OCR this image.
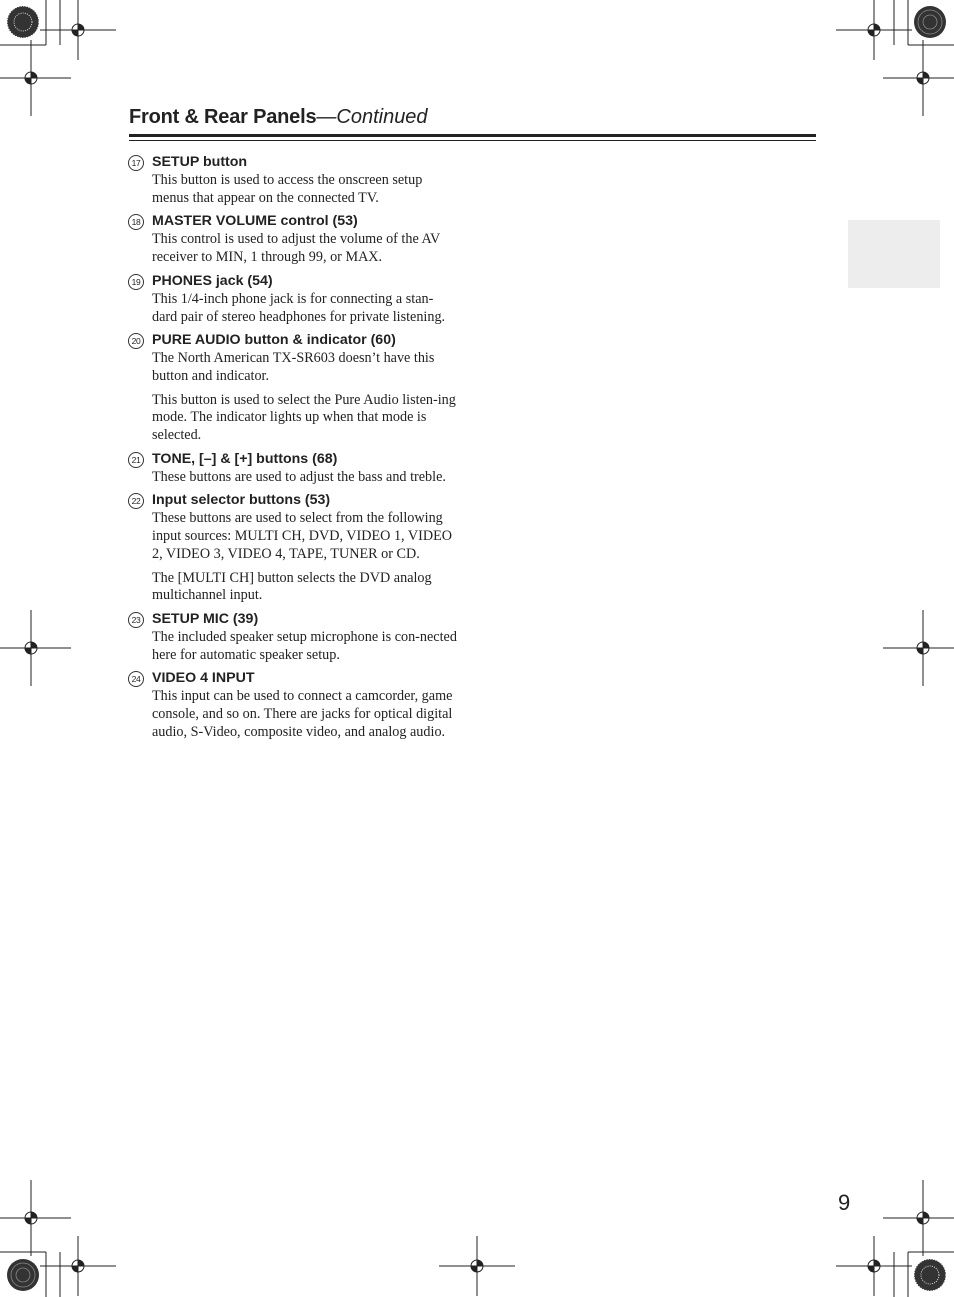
Front & Rear Panels—Continued
17 SETUP button

This button is used to access the onscreen setup menus that appear on the connected TV.

18 MASTER VOLUME control (53)

This control is used to adjust the volume of the AV receiver to MIN, 1 through 99, or MAX.

19 PHONES jack (54)

This 1/4-inch phone jack is for connecting a stan-dard pair of stereo headphones for private listening.

20 PURE AUDIO button & indicator (60)

The North American TX-SR603 doesn’t have this button and indicator.

This button is used to select the Pure Audio listen-ing mode. The indicator lights up when that mode is selected.

21 TONE, [–] & [+] buttons (68)

These buttons are used to adjust the bass and treble.

22 Input selector buttons (53)

These buttons are used to select from the following input sources: MULTI CH, DVD, VIDEO 1, VIDEO 2, VIDEO 3, VIDEO 4, TAPE, TUNER or CD.

The [MULTI CH] button selects the DVD analog multichannel input.

23 SETUP MIC (39)

The included speaker setup microphone is con-nected here for automatic speaker setup.

24 VIDEO 4 INPUT

This input can be used to connect a camcorder, game console, and so on. There are jacks for optical digital audio, S-Video, composite video, and analog audio.

9
